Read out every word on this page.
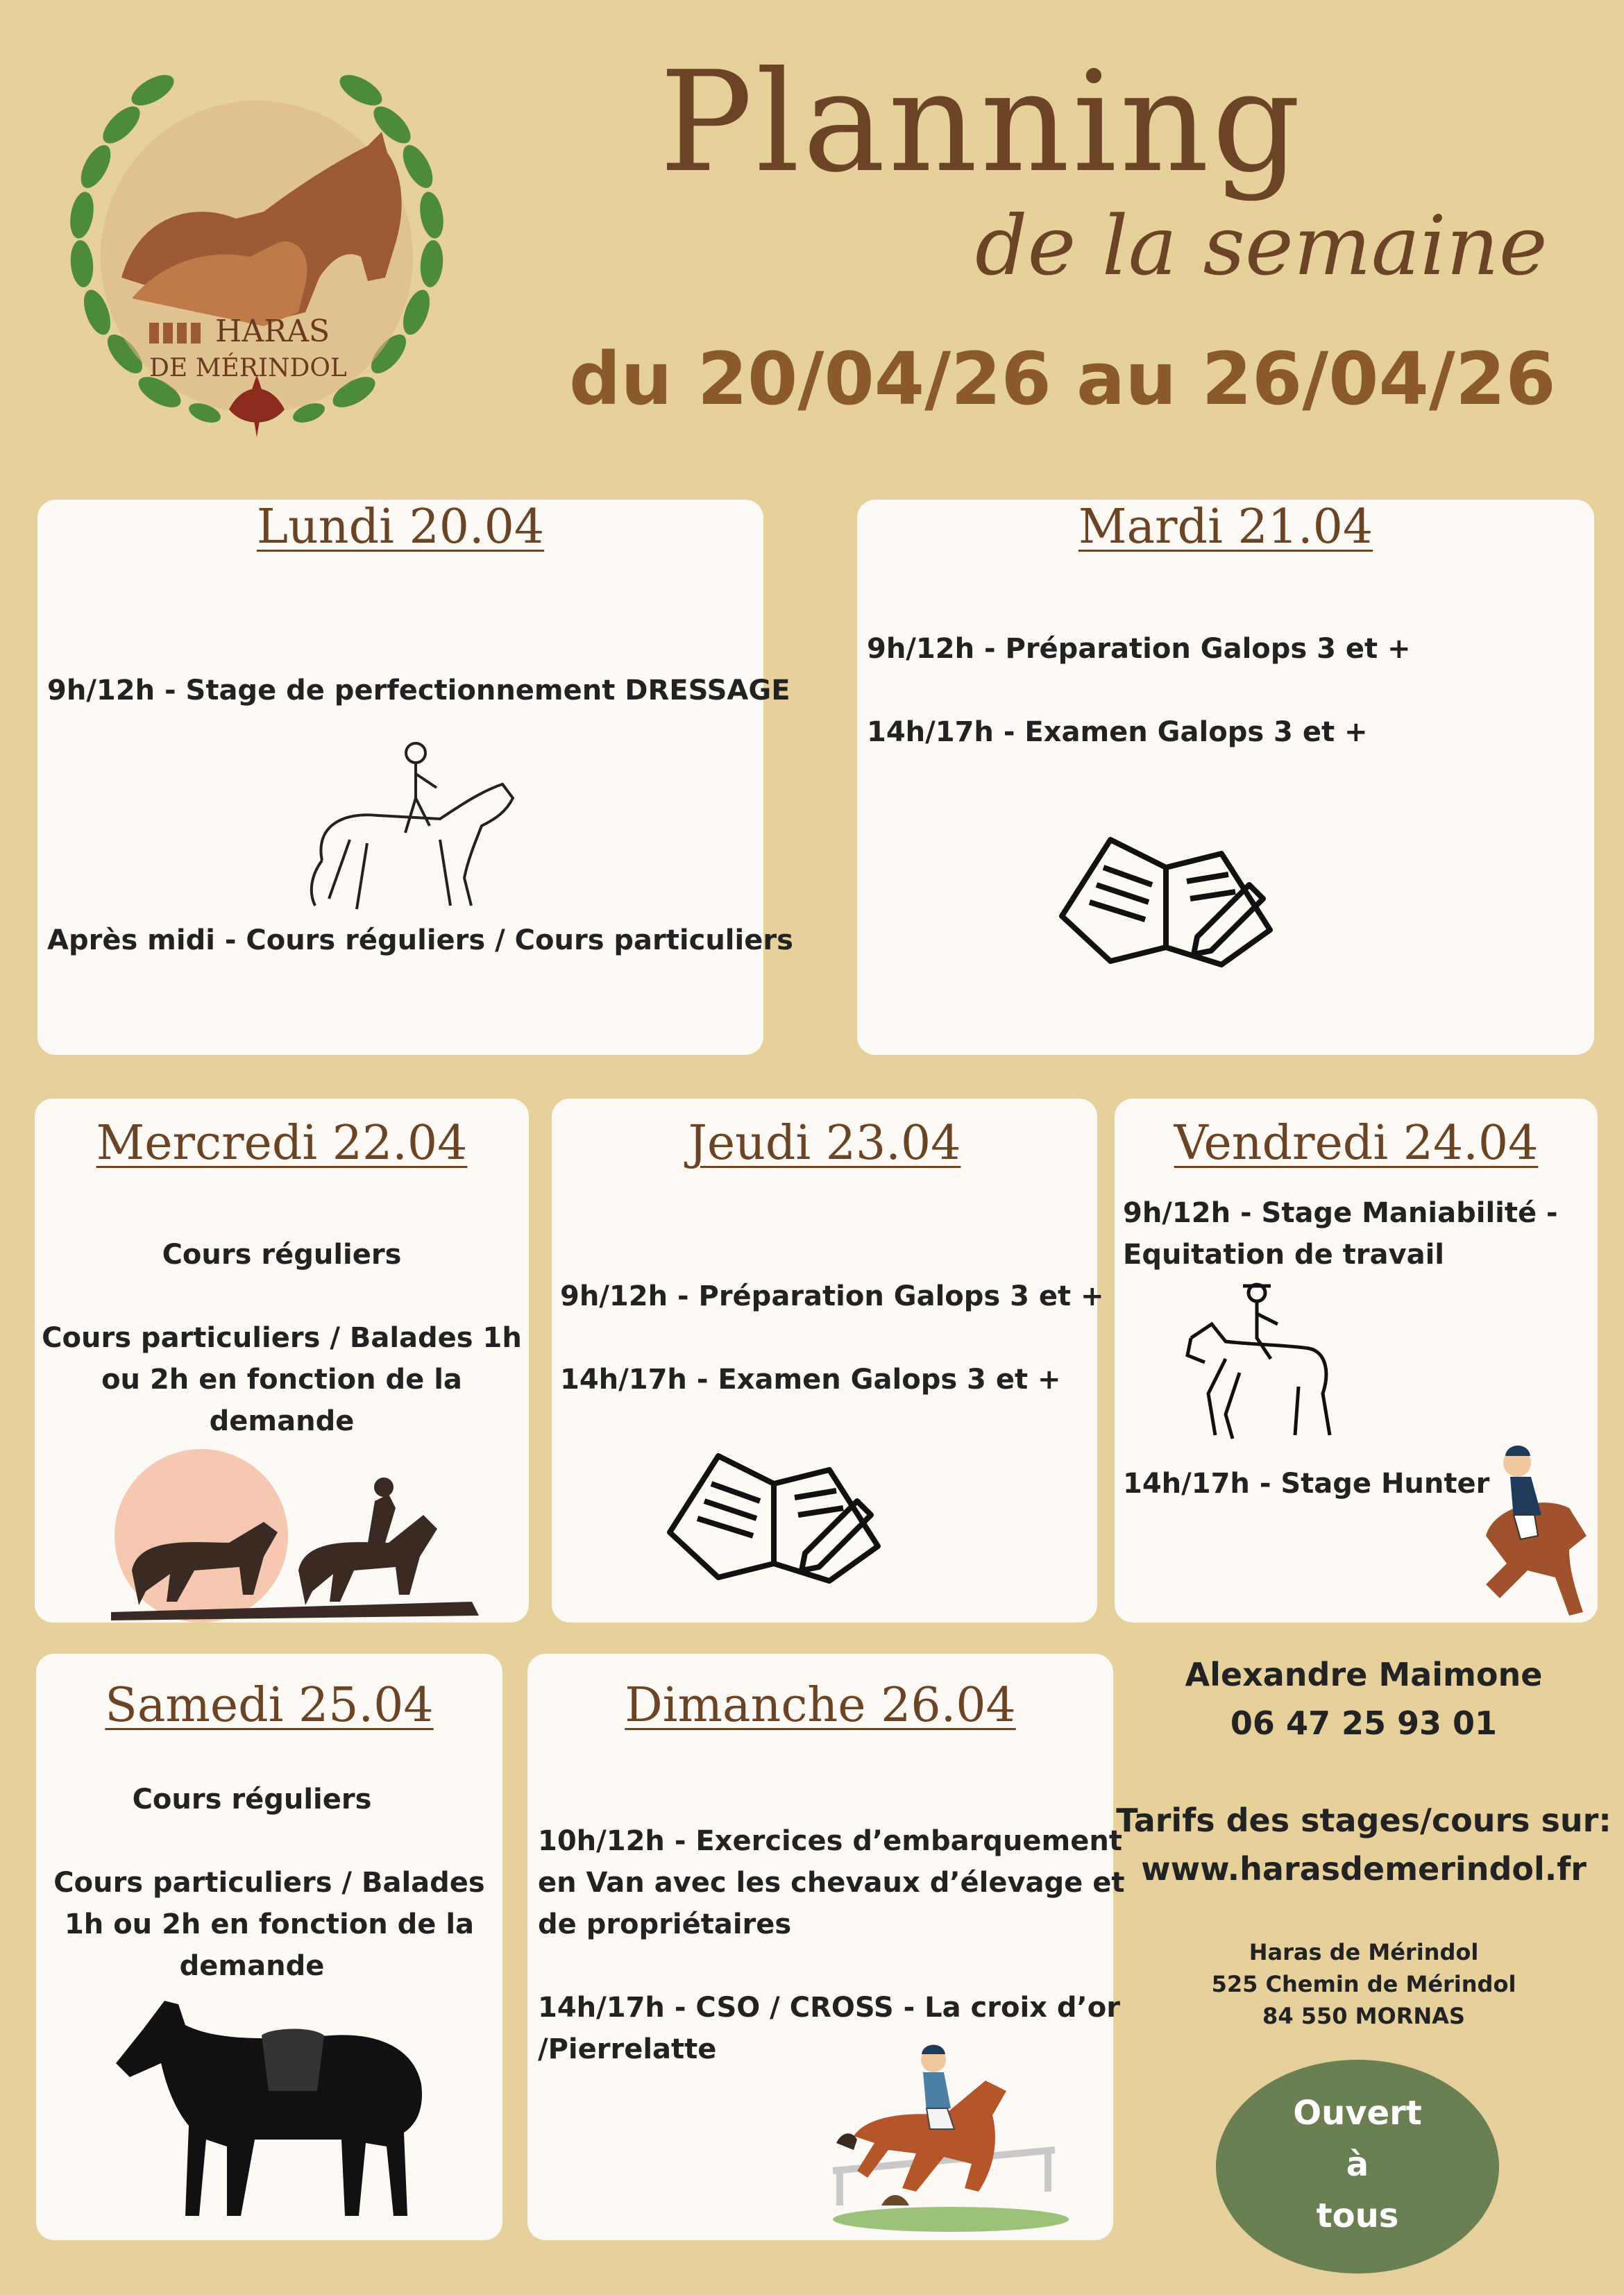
HARAS
DE MÉRINDOL
Planning
de la semaine
du 20/04/26 au 26/04/26
Lundi 20.04
9h/12h - Stage de perfectionnement DRESSAGE
Après midi - Cours réguliers / Cours particuliers
Mardi 21.04
9h/12h - Préparation Galops 3 et +
14h/17h - Examen Galops 3 et +
Mercredi 22.04
Cours réguliers
Cours particuliers / Balades 1h
ou 2h en fonction de la
demande
Jeudi 23.04
9h/12h - Préparation Galops 3 et +
14h/17h - Examen Galops 3 et +
Vendredi 24.04
9h/12h - Stage Maniabilité -
Equitation de travail
14h/17h - Stage Hunter
Samedi 25.04
Cours réguliers
Cours particuliers / Balades
1h ou 2h en fonction de la
demande
Dimanche 26.04
10h/12h - Exercices d’embarquement
en Van avec les chevaux d’élevage et
de propriétaires
14h/17h - CSO / CROSS - La croix d’or
/Pierrelatte
Alexandre Maimone
06 47 25 93 01
Tarifs des stages/cours sur:
www.harasdemerindol.fr
Haras de Mérindol
525 Chemin de Mérindol
84 550 MORNAS
Ouvert
à
tous
